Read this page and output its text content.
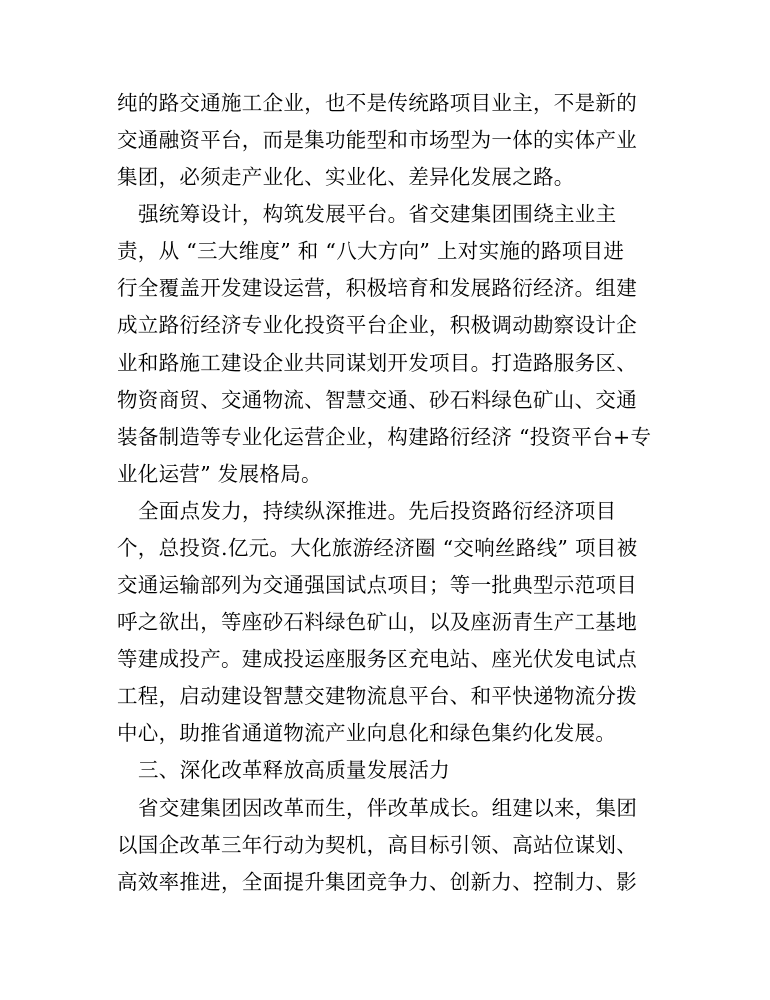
纯的路交通施工企业，也不是传统路项目业主，不是新的
交通融资平台，而是集功能型和市场型为一体的实体产业
集团，必须走产业化、实业化、差异化发展之路。
强统筹设计，构筑发展平台。省交建集团围绕主业主
责，从 “三大维度” 和 “八大方向” 上对实施的路项目进
行全覆盖开发建设运营，积极培育和发展路衍经济。组建
成立路衍经济专业化投资平台企业，积极调动勘察设计企
业和路施工建设企业共同谋划开发项目。打造路服务区、
物资商贸、交通物流、智慧交通、砂石料绿色矿山、交通
装备制造等专业化运营企业，构建路衍经济 “投资平台+专
业化运营” 发展格局。
全面点发力，持续纵深推进。先后投资路衍经济项目
个，总投资.亿元。大化旅游经济圈 “交响丝路线” 项目被
交通运输部列为交通强国试点项目；等一批典型示范项目
呼之欲出，等座砂石料绿色矿山，以及座沥青生产工基地
等建成投产。建成投运座服务区充电站、座光伏发电试点
工程，启动建设智慧交建物流息平台、和平快递物流分拨
中心，助推省通道物流产业向息化和绿色集约化发展。
三、深化改革释放高质量发展活力
省交建集团因改革而生，伴改革成长。组建以来，集团
以国企改革三年行动为契机，高目标引领、高站位谋划、
高效率推进，全面提升集团竞争力、创新力、控制力、影
